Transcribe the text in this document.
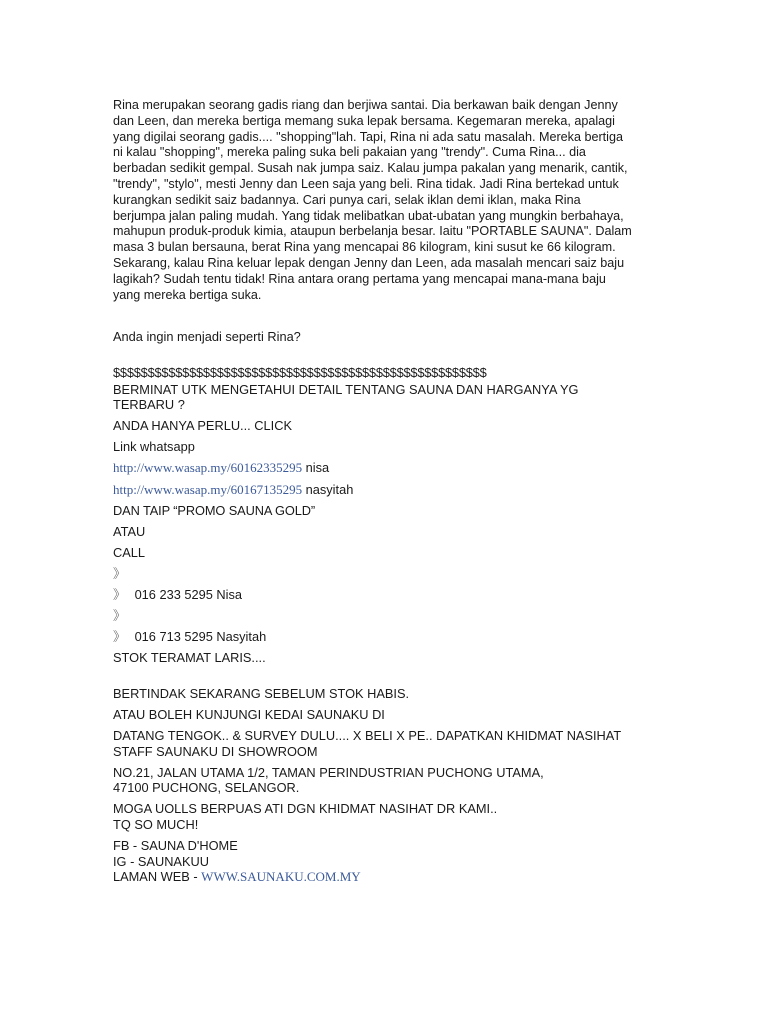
Rina merupakan seorang gadis riang dan berjiwa santai. Dia berkawan baik dengan Jenny dan Leen, dan mereka bertiga memang suka lepak bersama. Kegemaran mereka, apalagi yang digilai seorang gadis.... "shopping"lah. Tapi, Rina ni ada satu masalah. Mereka bertiga ni kalau "shopping", mereka paling suka beli pakaian yang "trendy". Cuma Rina... dia berbadan sedikit gempal. Susah nak jumpa saiz. Kalau jumpa pakalan yang menarik, cantik, "trendy", "stylo", mesti Jenny dan Leen saja yang beli. Rina tidak. Jadi Rina bertekad untuk kurangkan sedikit saiz badannya. Cari punya cari, selak iklan demi iklan, maka Rina berjumpa jalan paling mudah. Yang tidak melibatkan ubat-ubatan yang mungkin berbahaya, mahupun produk-produk kimia, ataupun berbelanja besar. Iaitu "PORTABLE SAUNA". Dalam masa 3 bulan bersauna, berat Rina yang mencapai 86 kilogram, kini susut ke 66 kilogram. Sekarang, kalau Rina keluar lepak dengan Jenny dan Leen, ada masalah mencari saiz baju lagikah? Sudah tentu tidak! Rina antara orang pertama yang mencapai mana-mana baju yang mereka bertiga suka.

Anda ingin menjadi seperti Rina?

$$$$$$$$$$$$$$$$$$$$$$$$$$$$$$$$$$$$$$$$$$$$$$$$$$$$$$

BERMINAT UTK MENGETAHUI DETAIL TENTANG SAUNA DAN HARGANYA YG TERBARU ?

ANDA HANYA PERLU... CLICK

Link whatsapp

http://www.wasap.my/60162335295 nisa

http://www.wasap.my/60167135295 nasyitah

DAN TAIP “PROMO SAUNA GOLD”

ATAU

CALL

》

》 016 233 5295 Nisa

》

》 016 713 5295 Nasyitah

STOK TERAMAT LARIS....

BERTINDAK SEKARANG SEBELUM STOK HABIS.

ATAU BOLEH KUNJUNGI KEDAI SAUNAKU DI

DATANG TENGOK.. & SURVEY DULU.... X BELI X PE.. DAPATKAN KHIDMAT NASIHAT STAFF SAUNAKU DI SHOWROOM

NO.21, JALAN UTAMA 1/2, TAMAN PERINDUSTRIAN PUCHONG UTAMA,

47100 PUCHONG, SELANGOR.

MOGA UOLLS BERPUAS ATI DGN KHIDMAT NASIHAT DR KAMI..

TQ SO MUCH!

FB - SAUNA D'HOME

IG - SAUNAKUU

LAMAN WEB - WWW.SAUNAKU.COM.MY
